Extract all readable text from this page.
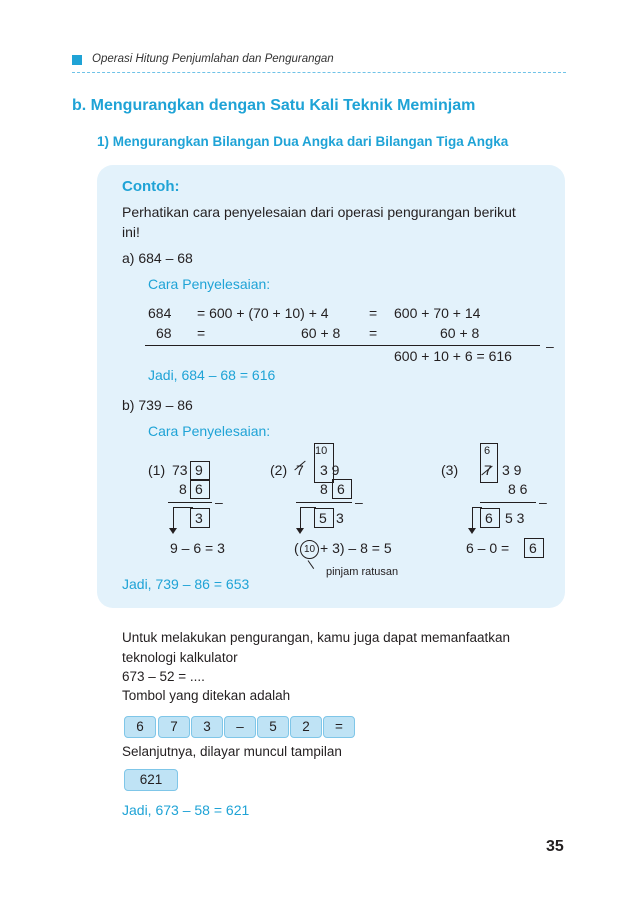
Operasi Hitung Penjumlahan dan Pengurangan
b. Mengurangkan dengan Satu Kali Teknik Meminjam
1) Mengurangkan Bilangan Dua Angka dari Bilangan Tiga Angka
Contoh:
Perhatikan cara penyelesaian dari operasi pengurangan berikut
ini!
a) 684 – 68
Cara Penyelesaian:
684 = 600 + (70 + 10) + 4	= 600 + 70 + 14
68 =	60 + 8 =	60 + 8
–
600 + 10 + 6 = 616
Jadi, 684 – 68 = 616
b) 739 – 86
Cara Penyelesaian:
(1) 73 9
8 6
–
3
9 – 6 = 3
(2)
10
7 3 9
8 6
–
5 3
( 10 + 3) – 8 = 5
pinjam ratusan
(3)
6
7 3 9
8 6
–
6 5 3
6 – 0 = 6
Jadi, 739 – 86 = 653
Untuk melakukan pengurangan, kamu juga dapat memanfaatkan
teknologi kalkulator
673 – 52 = ....
Tombol yang ditekan adalah
6	7	3	–	5	2	=
Selanjutnya, dilayar muncul tampilan
621
Jadi, 673 – 58 = 621
35
